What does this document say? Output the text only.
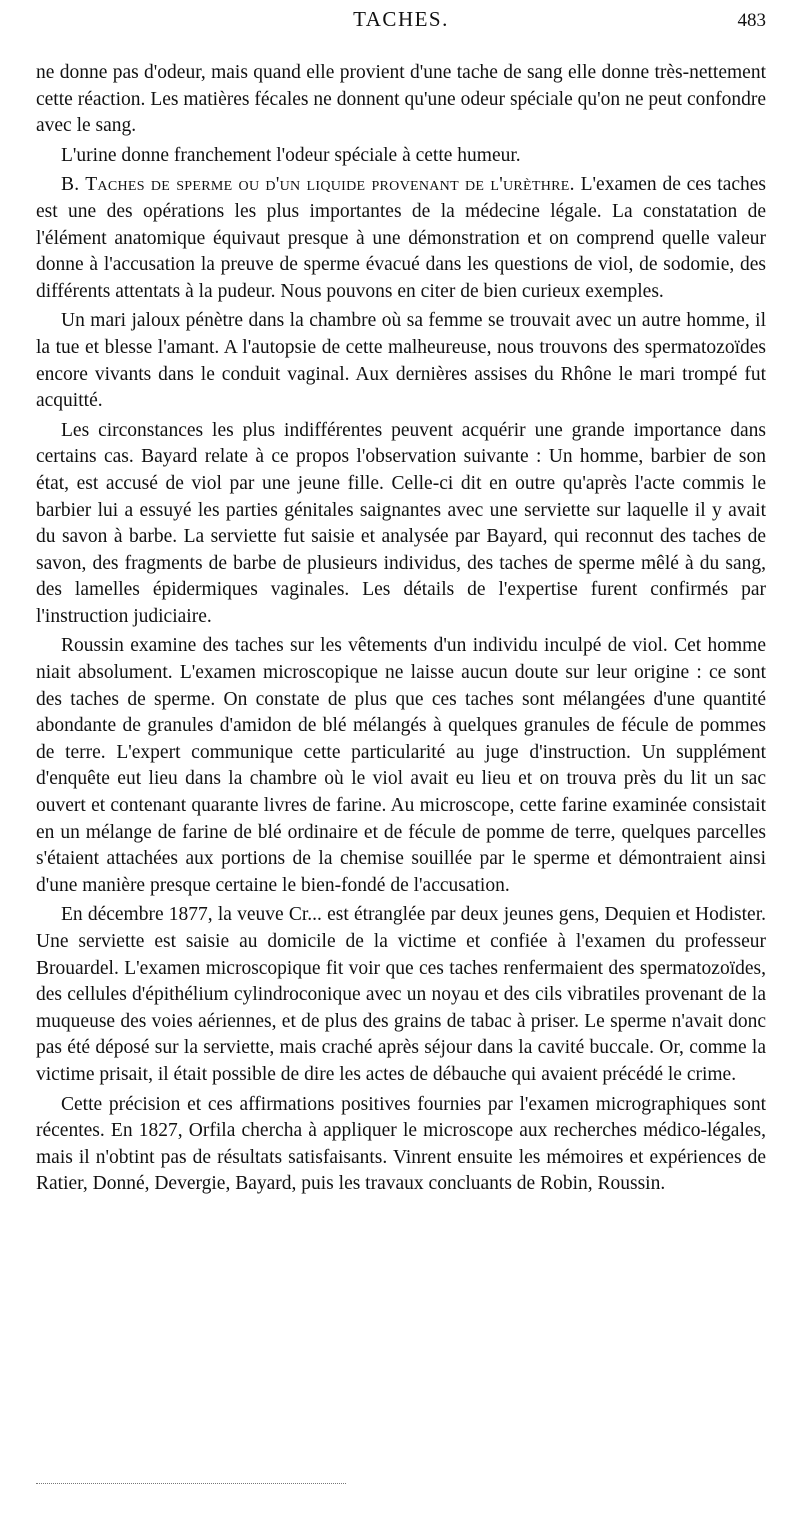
TACHES.	483

ne donne pas d'odeur, mais quand elle provient d'une tache de sang elle donne très-nettement cette réaction. Les matières fécales ne donnent qu'une odeur spéciale qu'on ne peut confondre avec le sang.

L'urine donne franchement l'odeur spéciale à cette humeur.

B. Taches de sperme ou d'un liquide provenant de l'urèthre. L'examen de ces taches est une des opérations les plus importantes de la médecine légale. La constatation de l'élément anatomique équivaut presque à une démonstration et on comprend quelle valeur donne à l'accusation la preuve de sperme évacué dans les questions de viol, de sodomie, des différents attentats à la pudeur. Nous pouvons en citer de bien curieux exemples.

Un mari jaloux pénètre dans la chambre où sa femme se trouvait avec un autre homme, il la tue et blesse l'amant. A l'autopsie de cette malheureuse, nous trouvons des spermatozoïdes encore vivants dans le conduit vaginal. Aux dernières assises du Rhône le mari trompé fut acquitté.

Les circonstances les plus indifférentes peuvent acquérir une grande importance dans certains cas. Bayard relate à ce propos l'observation suivante : Un homme, barbier de son état, est accusé de viol par une jeune fille. Celle-ci dit en outre qu'après l'acte commis le barbier lui a essuyé les parties génitales saignantes avec une serviette sur laquelle il y avait du savon à barbe. La serviette fut saisie et analysée par Bayard, qui reconnut des taches de savon, des fragments de barbe de plusieurs individus, des taches de sperme mêlé à du sang, des lamelles épidermiques vaginales. Les détails de l'expertise furent confirmés par l'instruction judiciaire.

Roussin examine des taches sur les vêtements d'un individu inculpé de viol. Cet homme niait absolument. L'examen microscopique ne laisse aucun doute sur leur origine : ce sont des taches de sperme. On constate de plus que ces taches sont mélangées d'une quantité abondante de granules d'amidon de blé mélangés à quelques granules de fécule de pommes de terre. L'expert communique cette particularité au juge d'instruction. Un supplément d'enquête eut lieu dans la chambre où le viol avait eu lieu et on trouva près du lit un sac ouvert et contenant quarante livres de farine. Au microscope, cette farine examinée consistait en un mélange de farine de blé ordinaire et de fécule de pomme de terre, quelques parcelles s'étaient attachées aux portions de la chemise souillée par le sperme et démontraient ainsi d'une manière presque certaine le bien-fondé de l'accusation.

En décembre 1877, la veuve Cr... est étranglée par deux jeunes gens, Dequien et Hodister. Une serviette est saisie au domicile de la victime et confiée à l'examen du professeur Brouardel. L'examen microscopique fit voir que ces taches renfermaient des spermatozoïdes, des cellules d'épithélium cylindroconique avec un noyau et des cils vibratiles provenant de la muqueuse des voies aériennes, et de plus des grains de tabac à priser. Le sperme n'avait donc pas été déposé sur la serviette, mais craché après séjour dans la cavité buccale. Or, comme la victime prisait, il était possible de dire les actes de débauche qui avaient précédé le crime.

Cette précision et ces affirmations positives fournies par l'examen micrographiques sont récentes. En 1827, Orfila chercha à appliquer le microscope aux recherches médico-légales, mais il n'obtint pas de résultats satisfaisants. Vinrent ensuite les mémoires et expériences de Ratier, Donné, Devergie, Bayard, puis les travaux concluants de Robin, Roussin.
